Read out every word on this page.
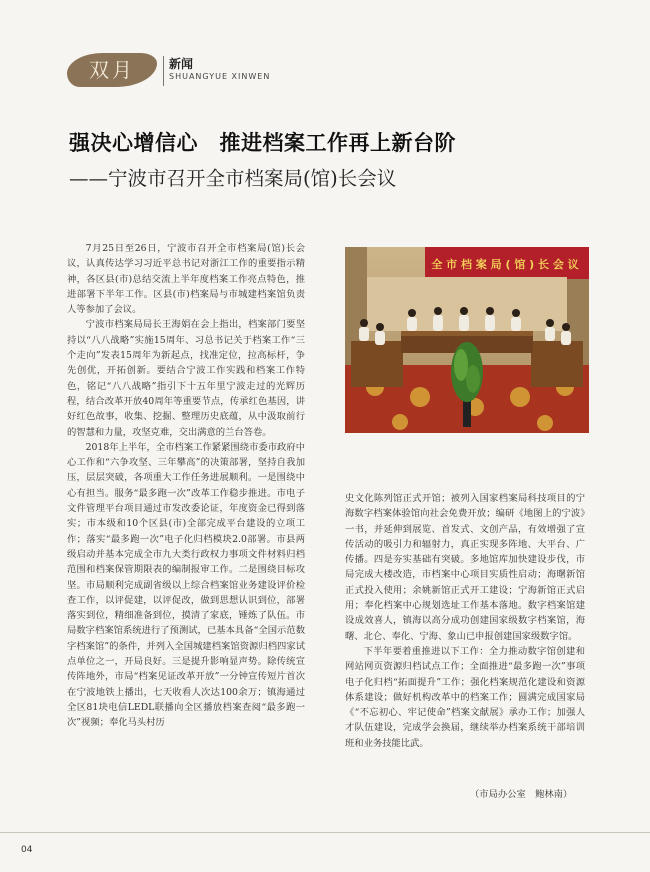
双月	新闻
SHUANGYUE XINWEN
强决心增信心　推进档案工作再上新台阶
——宁波市召开全市档案局(馆)长会议

7月25日至26日，宁波市召开全市档案局(馆)长会议，认真传达学习习近平总书记对浙江工作的重要指示精神，各区县(市)总结交流上半年度档案工作亮点特色，推进部署下半年工作。区县(市)档案局与市城建档案馆负责人等参加了会议。

宁波市档案局局长王海娟在会上指出，档案部门要坚持以“八八战略”实施15周年、习总书记关于档案工作“三个走向”发表15周年为新起点，找准定位，拉高标杆，争先创优，开拓创新。要结合宁波工作实践和档案工作特色，铭记“八八战略”指引下十五年里宁波走过的光辉历程，结合改革开放40周年等重要节点，传承红色基因，讲好红色故事，收集、挖掘、整理历史底蕴，从中汲取前行的智慧和力量，攻坚克难，交出满意的兰台答卷。

2018年上半年，全市档案工作紧紧围绕市委市政府中心工作和“六争攻坚、三年攀高”的决策部署，坚持自我加压，层层突破，各项重大工作任务进展顺利。一是围绕中心有担当。服务“最多跑一次”改革工作稳步推进。市电子文件管理平台项目通过市发改委论证，年度资金已得到落实；市本级和10个区县(市)全部完成平台建设的立项工作；落实“最多跑一次”电子化归档模块2.0部署。市县两级启动并基本完成全市九大类行政权力事项文件材料归档范围和档案保管期限表的编制报审工作。二是围绕目标攻坚。市局顺利完成副省级以上综合档案馆业务建设评价检查工作，以评促建，以评促改，做到思想认识到位，部署落实到位，精细准备到位，摸清了家底，锤炼了队伍。市局数字档案馆系统进行了预测试，已基本具备“全国示范数字档案馆”的条件，并列入全国城建档案馆资源归档四家试点单位之一，开局良好。三是提升影响显声势。除传统宣传阵地外，市局“档案见证改革开放”一分钟宣传短片首次在宁波地铁上播出，七天收看人次达100余万；镇海通过全区81块电信LEDL联播向全区播放档案查阅“最多跑一次”视频；奉化马头村历

全 市 档 案 局 ( 馆 ) 长 会 议

史文化陈列馆正式开馆；被列入国家档案局科技项目的宁海数字档案体验馆向社会免费开放；编研《地图上的宁波》一书，并延伸到展览、首发式、文创产品，有效增强了宣传活动的吸引力和辐射力，真正实现多阵地、大平台、广传播。四是夯实基础有突破。多地馆库加快建设步伐，市局完成大楼改造，市档案中心项目实质性启动；海曙新馆正式投入使用；余姚新馆正式开工建设；宁海新馆正式启用；奉化档案中心规划选址工作基本落地。数字档案馆建设成效喜人，镇海以高分成功创建国家级数字档案馆，海曙、北仑、奉化、宁海、象山已申报创建国家级数字馆。

下半年要着重推进以下工作：全力推动数字馆创建和网站网页资源归档试点工作；全面推进“最多跑一次”事项电子化归档“拓面提升”工作；强化档案规范化建设和资源体系建设；做好机构改革中的档案工作；圆满完成国家局《“不忘初心、牢记使命”档案文献展》承办工作；加强人才队伍建设，完成学会换届，继续举办档案系统干部培训班和业务技能比武。

（市局办公室　鲍林南）
04
